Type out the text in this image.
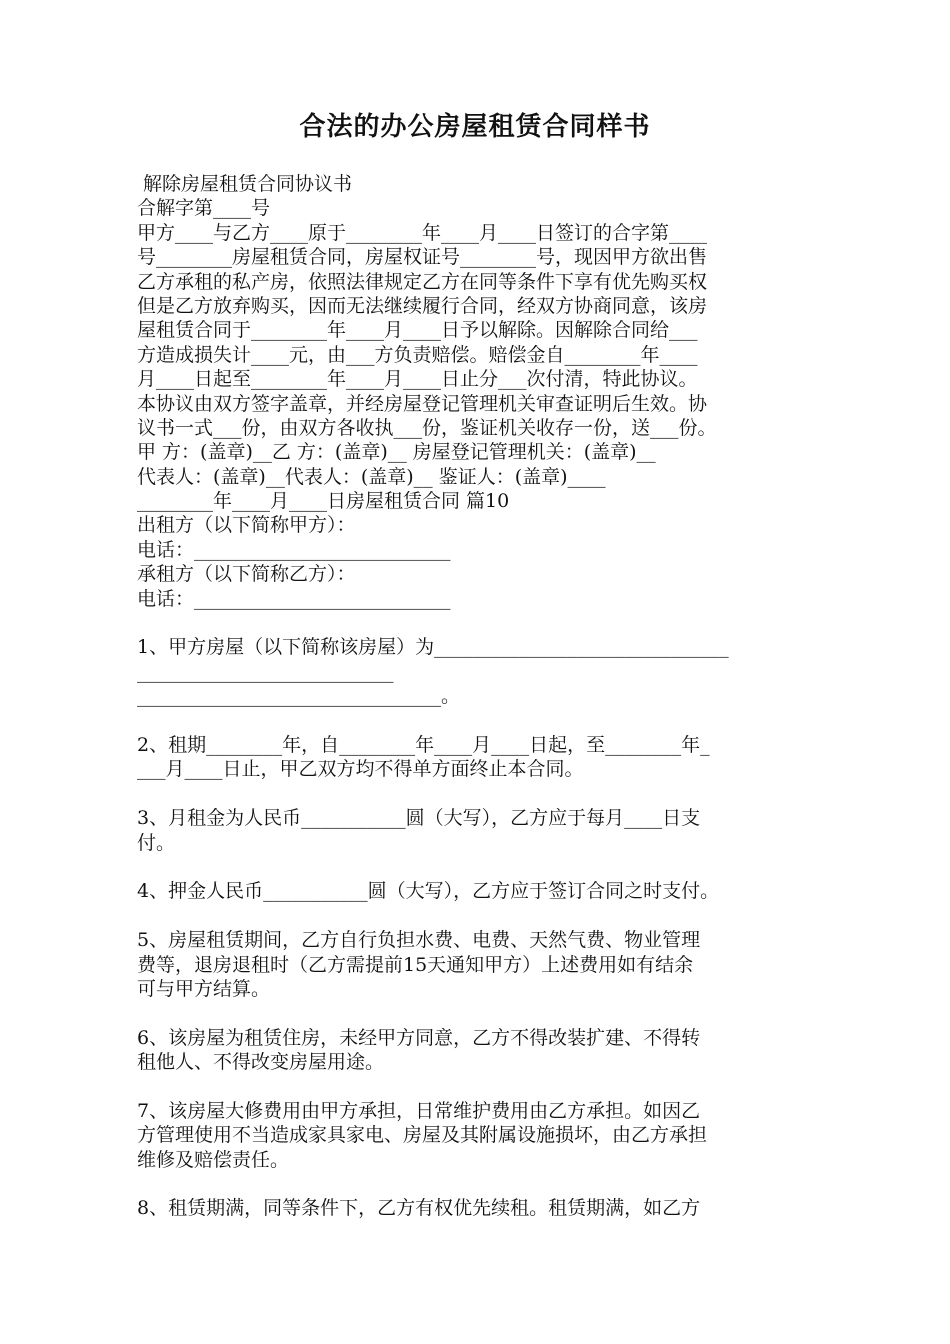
合法的办公房屋租赁合同样书
解除房屋租赁合同协议书
合解字第____号
甲方____与乙方____原于________年____月____日签订的合字第____
号________房屋租赁合同，房屋权证号________号，现因甲方欲出售
乙方承租的私产房，依照法律规定乙方在同等条件下享有优先购买权
但是乙方放弃购买，因而无法继续履行合同，经双方协商同意，该房
屋租赁合同于________年____月____日予以解除。因解除合同给___
方造成损失计____元，由___方负责赔偿。赔偿金自________年____
月____日起至________年____月____日止分___次付清，特此协议。
本协议由双方签字盖章，并经房屋登记管理机关审查证明后生效。协
议书一式___份，由双方各收执___份，鉴证机关收存一份，送___份。
甲 方：(盖章)__乙 方：(盖章)__ 房屋登记管理机关：(盖章)__
代表人：(盖章)__代表人：(盖章)__ 鉴证人：(盖章)____
________年____月____日房屋租赁合同 篇10
出租方（以下简称甲方）：
电话：___________________________
承租方（以下简称乙方）：
电话：___________________________
1、甲方房屋（以下简称该房屋）为_______________________________
___________________________
________________________________。
2、租期________年，自________年____月____日起，至________年_
___月____日止，甲乙双方均不得单方面终止本合同。
3、月租金为人民币___________圆（大写），乙方应于每月____日支
付。
4、押金人民币___________圆（大写），乙方应于签订合同之时支付。
5、房屋租赁期间，乙方自行负担水费、电费、天然气费、物业管理
费等，退房退租时（乙方需提前15天通知甲方）上述费用如有结余
可与甲方结算。
6、该房屋为租赁住房，未经甲方同意，乙方不得改装扩建、不得转
租他人、不得改变房屋用途。
7、该房屋大修费用由甲方承担，日常维护费用由乙方承担。如因乙
方管理使用不当造成家具家电、房屋及其附属设施损坏，由乙方承担
维修及赔偿责任。
8、租赁期满，同等条件下，乙方有权优先续租。租赁期满，如乙方
